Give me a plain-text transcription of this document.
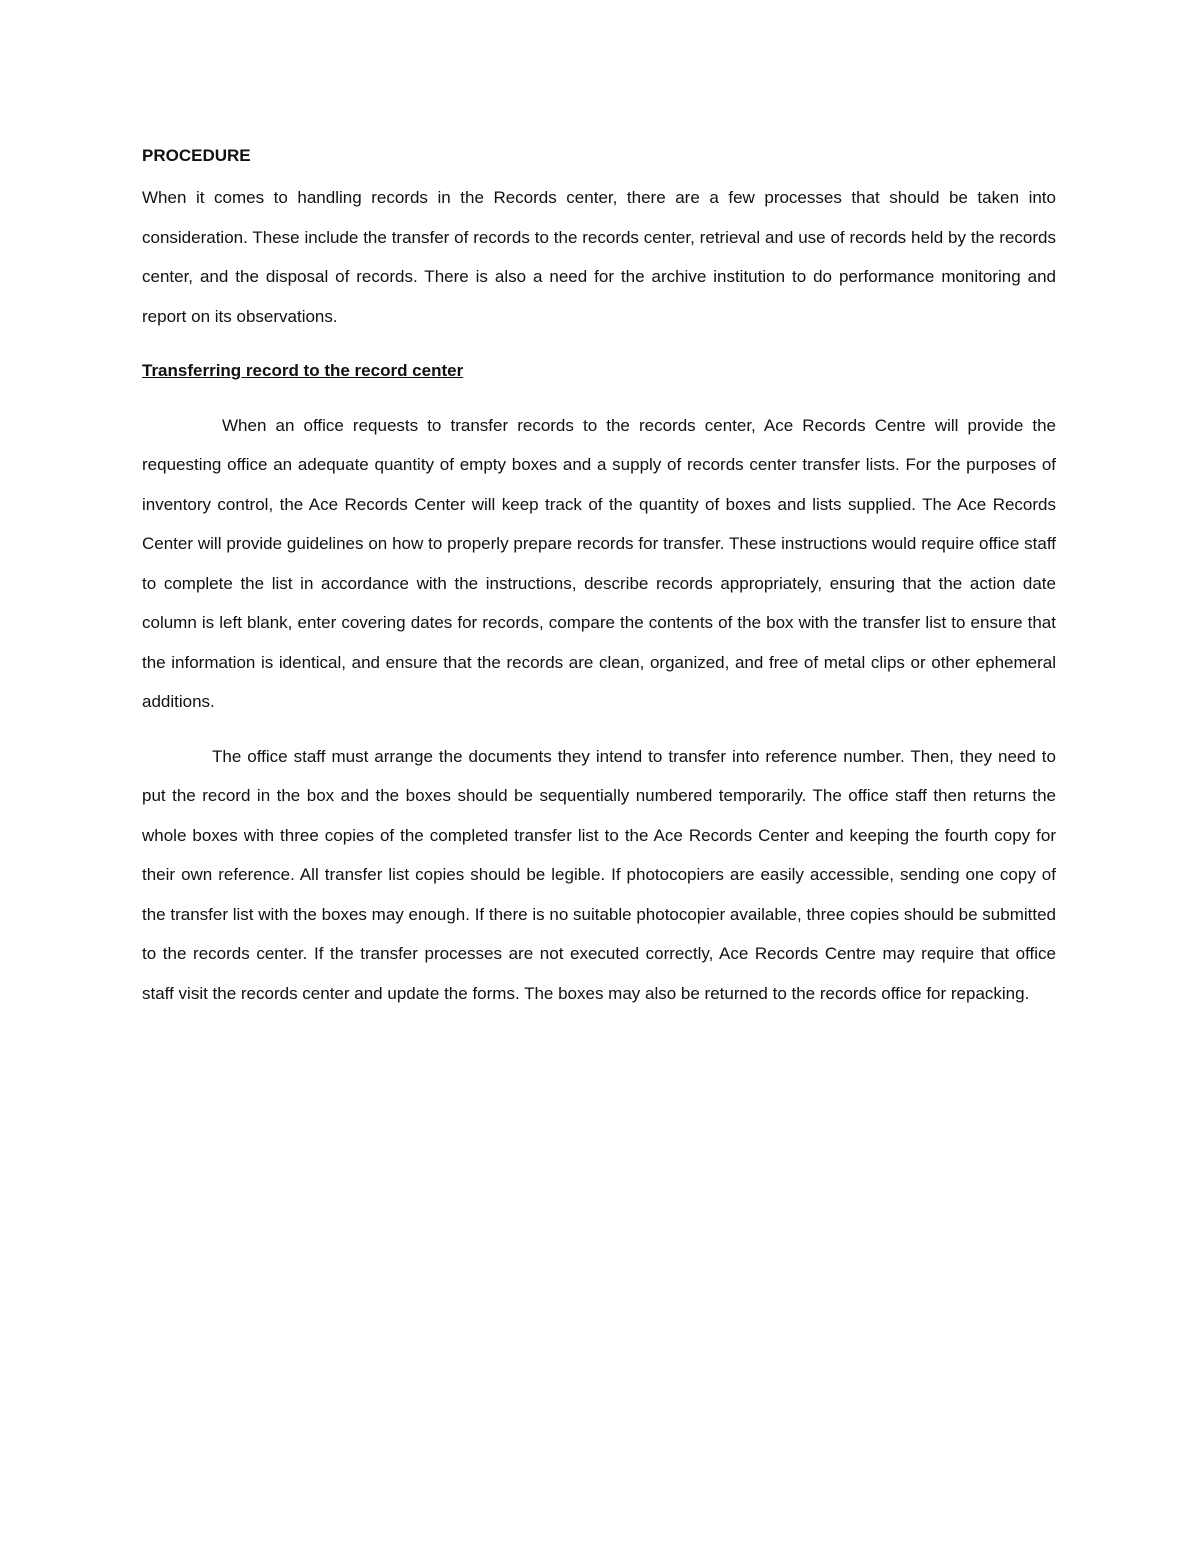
PROCEDURE

When it comes to handling records in the Records center, there are a few processes that should be taken into consideration. These include the transfer of records to the records center, retrieval and use of records held by the records center, and the disposal of records. There is also a need for the archive institution to do performance monitoring and report on its observations.

Transferring record to the record center

When an office requests to transfer records to the records center, Ace Records Centre will provide the requesting office an adequate quantity of empty boxes and a supply of records center transfer lists. For the purposes of inventory control, the Ace Records Center will keep track of the quantity of boxes and lists supplied. The Ace Records Center will provide guidelines on how to properly prepare records for transfer. These instructions would require office staff to complete the list in accordance with the instructions, describe records appropriately, ensuring that the action date column is left blank, enter covering dates for records, compare the contents of the box with the transfer list to ensure that the information is identical, and ensure that the records are clean, organized, and free of metal clips or other ephemeral additions.

The office staff must arrange the documents they intend to transfer into reference number. Then, they need to put the record in the box and the boxes should be sequentially numbered temporarily. The office staff then returns the whole boxes with three copies of the completed transfer list to the Ace Records Center and keeping the fourth copy for their own reference. All transfer list copies should be legible. If photocopiers are easily accessible, sending one copy of the transfer list with the boxes may enough. If there is no suitable photocopier available, three copies should be submitted to the records center. If the transfer processes are not executed correctly, Ace Records Centre may require that office staff visit the records center and update the forms. The boxes may also be returned to the records office for repacking.
